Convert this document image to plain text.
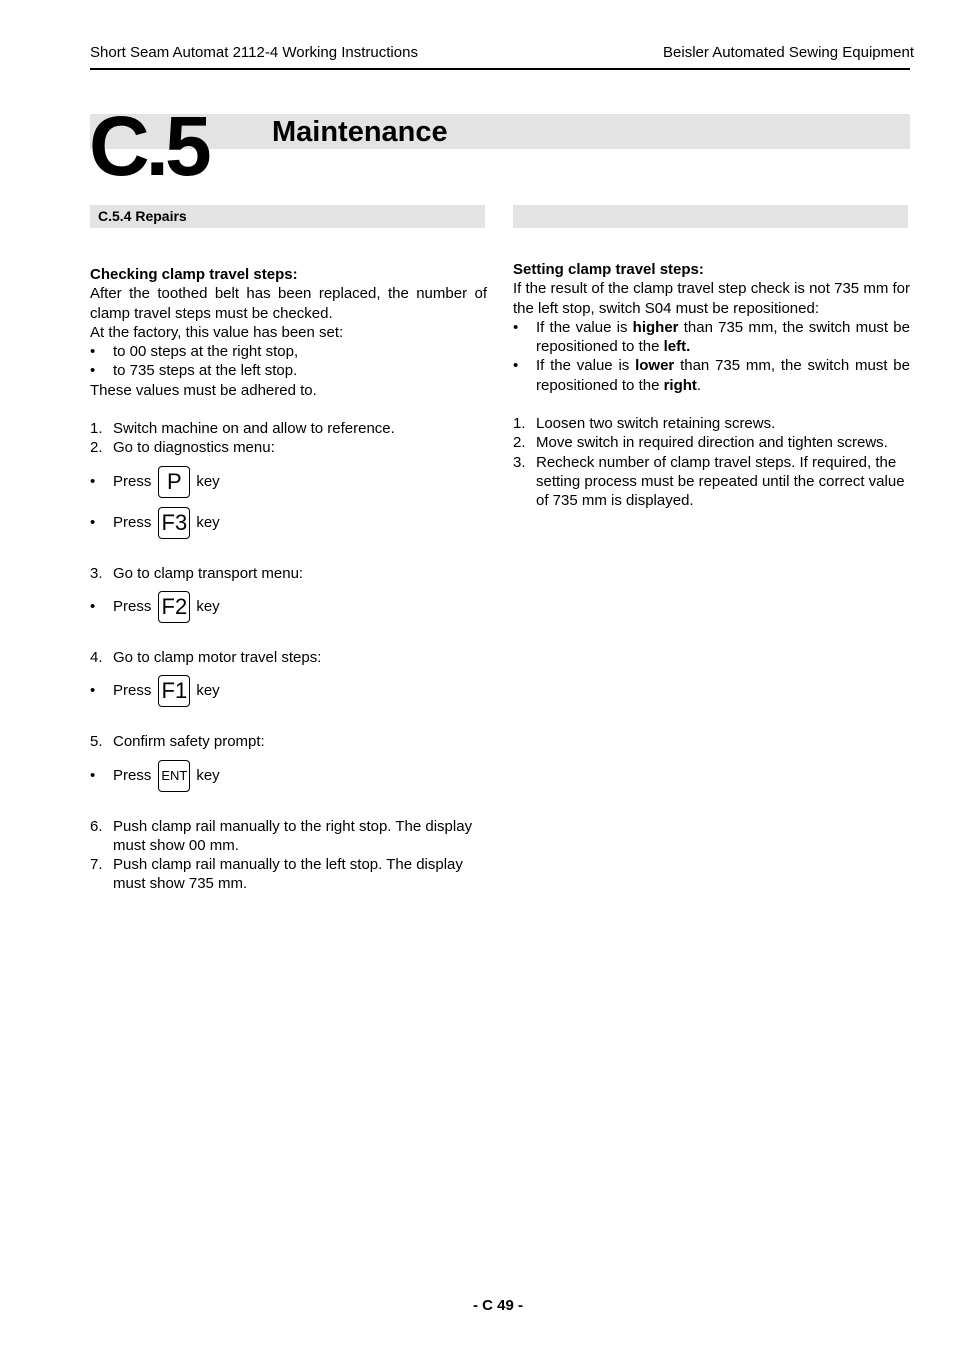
Short Seam Automat 2112-4 Working Instructions	Beisler Automated Sewing Equipment
C.5 Maintenance
C.5.4 Repairs

Checking clamp travel steps:

After the toothed belt has been replaced, the number of clamp travel steps must be checked.

At the factory, this value has been set:

• to 00 steps at the right stop,

• to 735 steps at the left stop.

These values must be adhered to.

1. Switch machine on and allow to reference.

2. Go to diagnostics menu:

• Press P key
• Press F3 key

3. Go to clamp transport menu:

• Press F2 key

4. Go to clamp motor travel steps:

• Press F1 key

5. Confirm safety prompt:

• Press ENT key

6. Push clamp rail manually to the right stop. The display must show 00 mm.

7. Push clamp rail manually to the left stop. The display must show 735 mm.

Setting clamp travel steps:

If the result of the clamp travel step check is not 735 mm for the left stop, switch S04 must be repositioned:

• If the value is higher than 735 mm, the switch must be repositioned to the left.

• If the value is lower than 735 mm, the switch must be repositioned to the right.

1. Loosen two switch retaining screws.

2. Move switch in required direction and tighten screws.

3. Recheck number of clamp travel steps. If required, the setting process must be repeated until the correct value of 735 mm is displayed.

- C 49 -
